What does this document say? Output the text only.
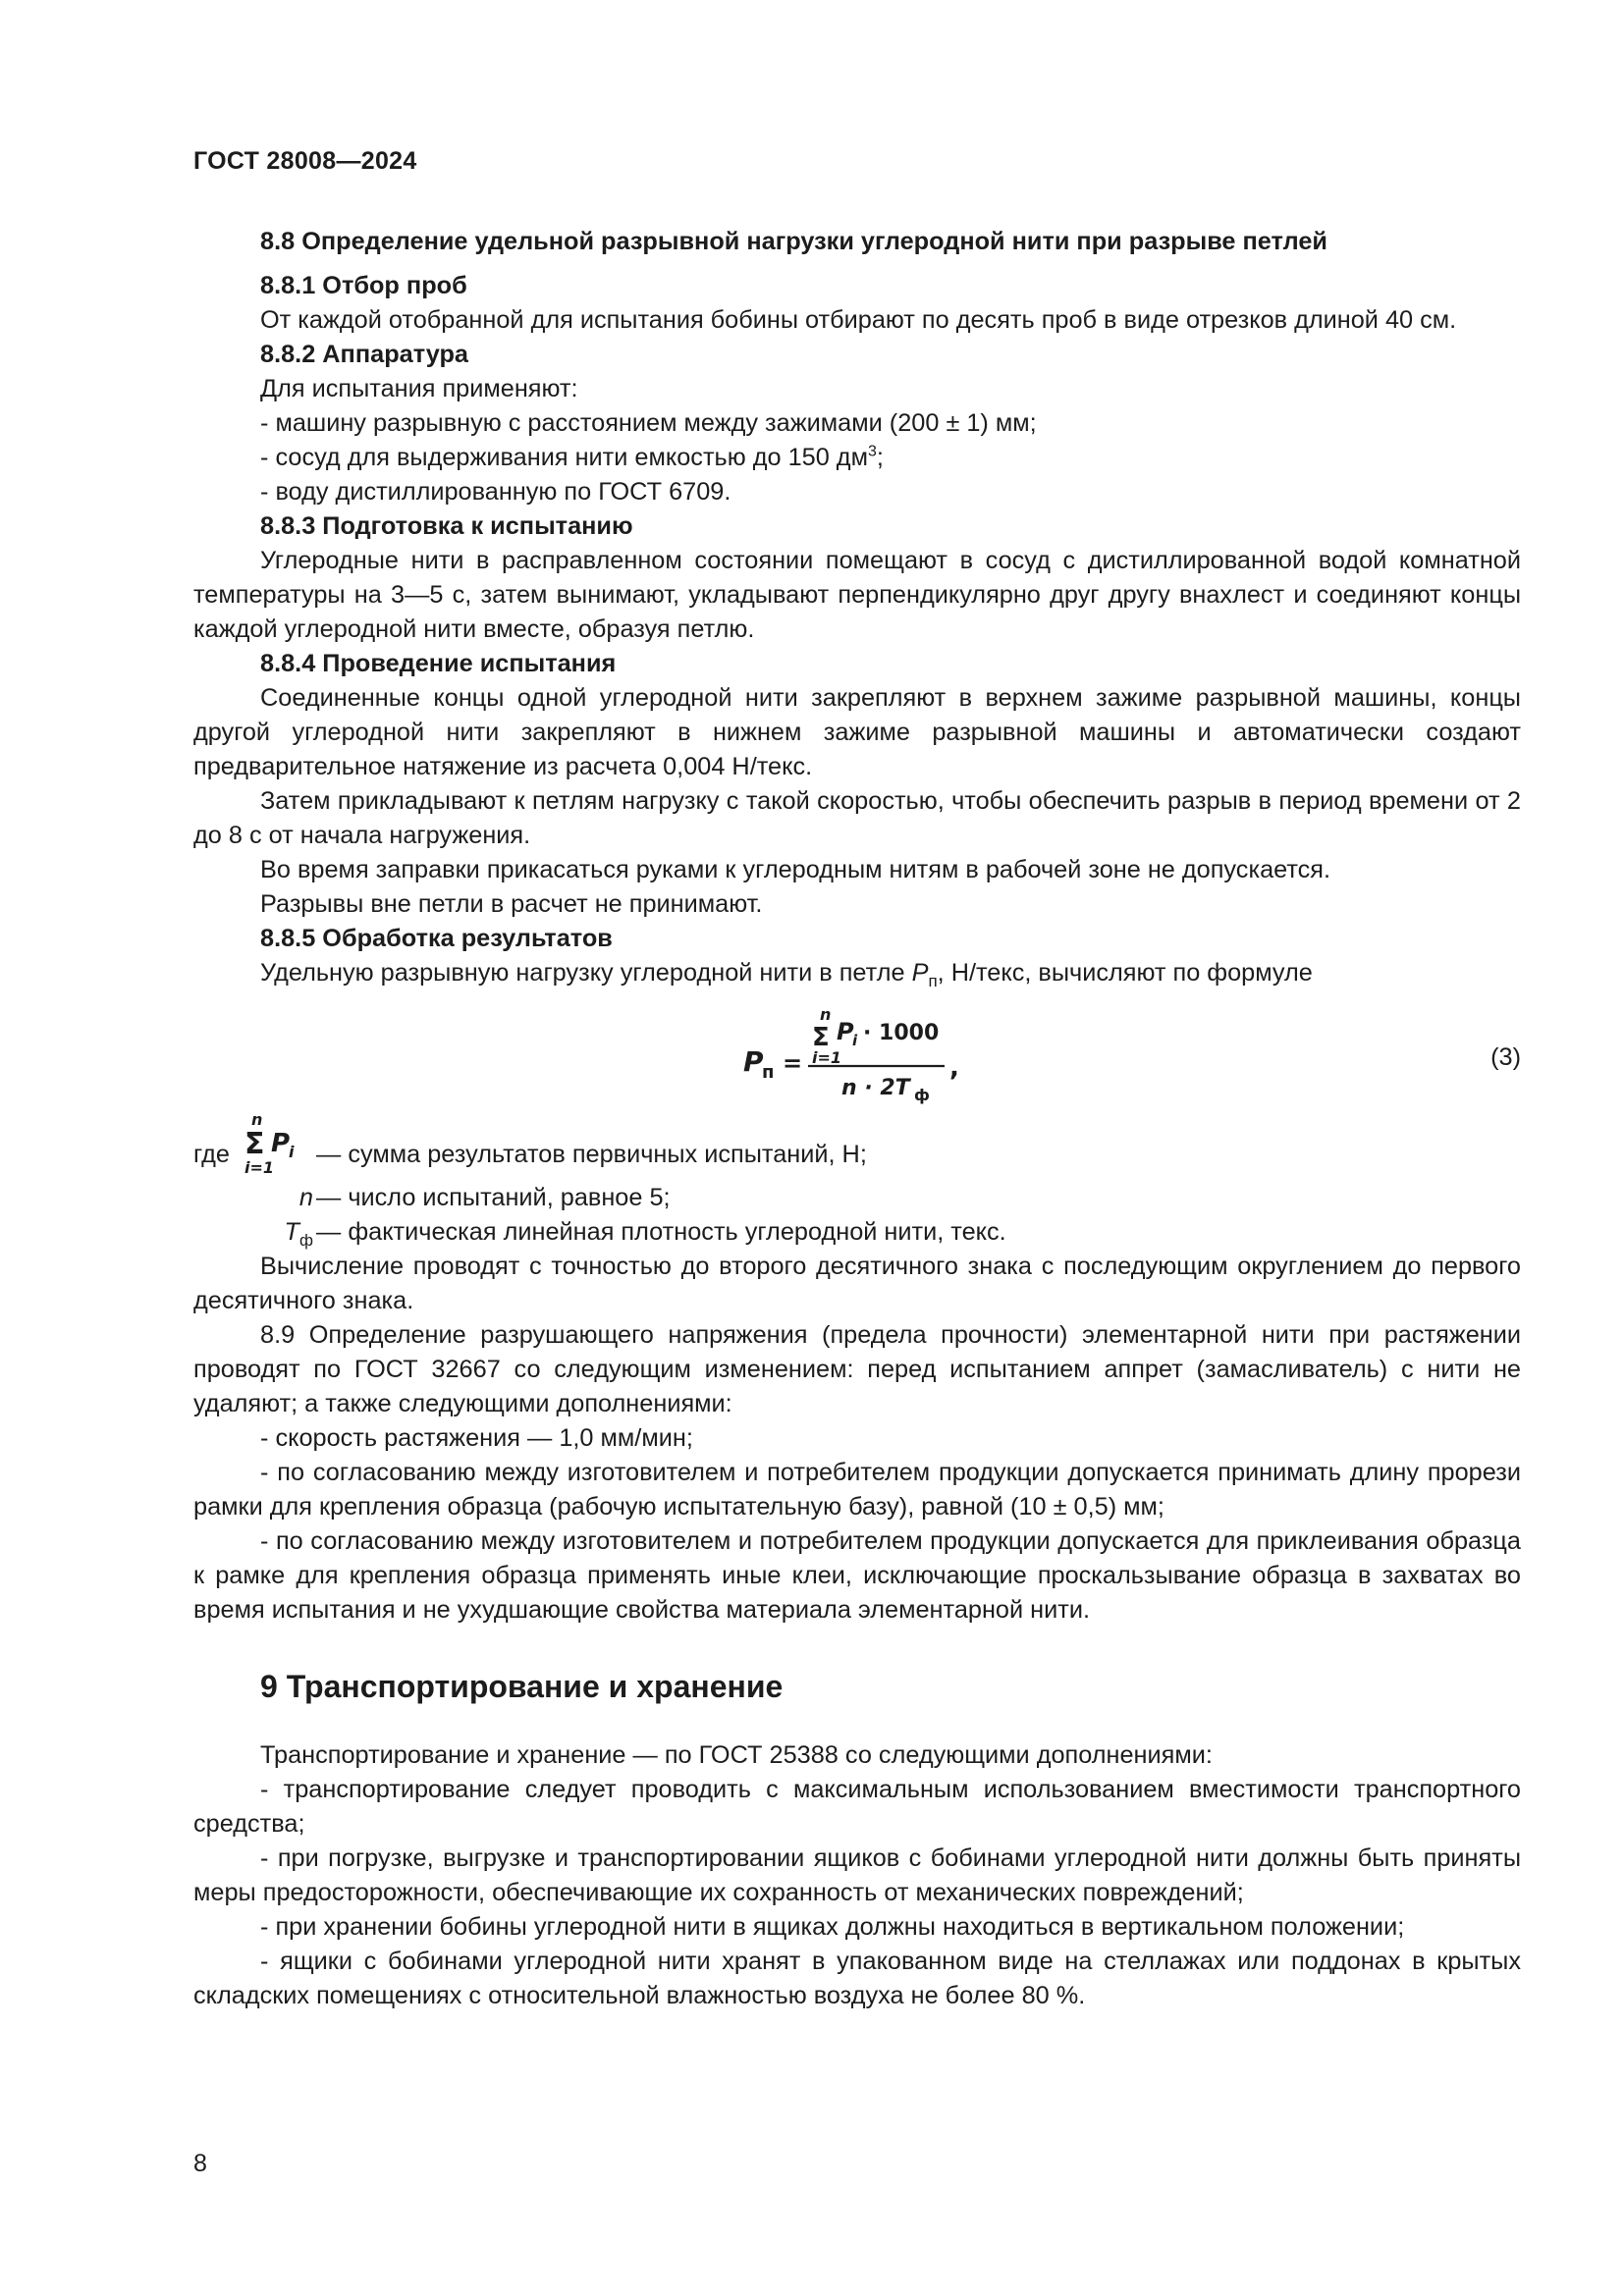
ГОСТ 28008—2024

8.8 Определение удельной разрывной нагрузки углеродной нити при разрыве петлей

8.8.1 Отбор проб

От каждой отобранной для испытания бобины отбирают по десять проб в виде отрезков длиной 40 см.

8.8.2 Аппаратура

Для испытания применяют:

- машину разрывную с расстоянием между зажимами (200 ± 1) мм;

- сосуд для выдерживания нити емкостью до 150 $дм^3$;

- воду дистиллированную по ГОСТ 6709.

8.8.3 Подготовка к испытанию

Углеродные нити в расправленном состоянии помещают в сосуд с дистиллированной водой комнатной температуры на 3—5 с, затем вынимают, укладывают перпендикулярно друг другу внахлест и соединяют концы каждой углеродной нити вместе, образуя петлю.

8.8.4 Проведение испытания

Соединенные концы одной углеродной нити закрепляют в верхнем зажиме разрывной машины, концы другой углеродной нити закрепляют в нижнем зажиме разрывной машины и автоматически создают предварительное натяжение из расчета 0,004 Н/текс.

Затем прикладывают к петлям нагрузку с такой скоростью, чтобы обеспечить разрыв в период времени от 2 до 8 с от начала нагружения.

Во время заправки прикасаться руками к углеродным нитям в рабочей зоне не допускается.

Разрывы вне петли в расчет не принимают.

8.8.5 Обработка результатов

Удельную разрывную нагрузку углеродной нити в петле $P_п$, Н/текс, вычисляют по формуле

P
п =
n
Σ
i=1
P
i · 1000
n · 2T ф
,	(3)
где
n
Σ P
i
i=1 — сумма результатов первичных испытаний, Н;
n — число испытаний, равное 5;
$T_ф$ — фактическая линейная плотность углеродной нити, текс.

Вычисление проводят с точностью до второго десятичного знака с последующим округлением до первого десятичного знака.

8.9 Определение разрушающего напряжения (предела прочности) элементарной нити при растяжении проводят по ГОСТ 32667 со следующим изменением: перед испытанием аппрет (замасливатель) с нити не удаляют; а также следующими дополнениями:

- скорость растяжения — 1,0 мм/мин;

- по согласованию между изготовителем и потребителем продукции допускается принимать длину прорези рамки для крепления образца (рабочую испытательную базу), равной (10 ± 0,5) мм;

- по согласованию между изготовителем и потребителем продукции допускается для приклеивания образца к рамке для крепления образца применять иные клеи, исключающие проскальзывание образца в захватах во время испытания и не ухудшающие свойства материала элементарной нити.

9 Транспортирование и хранение

Транспортирование и хранение — по ГОСТ 25388 со следующими дополнениями:

- транспортирование следует проводить с максимальным использованием вместимости транспортного средства;

- при погрузке, выгрузке и транспортировании ящиков с бобинами углеродной нити должны быть приняты меры предосторожности, обеспечивающие их сохранность от механических повреждений;

- при хранении бобины углеродной нити в ящиках должны находиться в вертикальном положении;

- ящики с бобинами углеродной нити хранят в упакованном виде на стеллажах или поддонах в крытых складских помещениях с относительной влажностью воздуха не более 80 %.

8
